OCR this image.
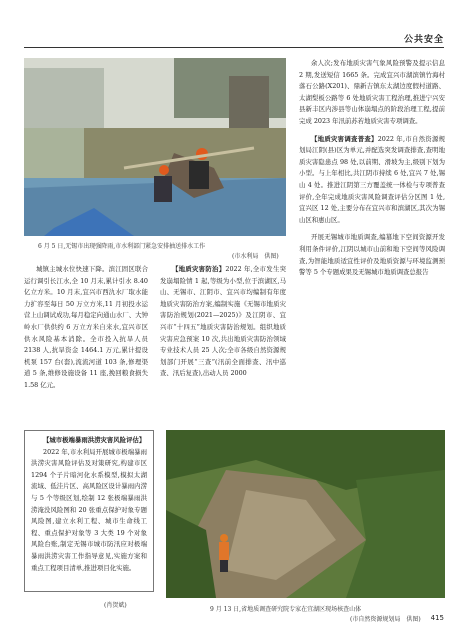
公共安全
6 月 5 日,无锡市出现强降雨,市水利部门紧急安排抽送排水工作
(市水利局　供图)

城镇主城水位快速下降。滨江固区联合运行调引长江水,全 10 月末,累计引水 8.40 亿立方米。10 月末,宜兴市西氿水厂取水能力扩容至每日 50 万立方米,11 月初投水运营上山调试成功,每月稳定向通山水厂、大钟岭水厂供供约 6 万立方米自来水,宜兴市区供水风险基本消除。全市投入抗旱人员 2138 人,抗旱资金 1464.1 万元,累计提设机泵 157 台(套),流流河道 103 条,修理渠道 5 条,维修设施设备 11 座,挽回粮食损失 1.58 亿元。

【地质灾害防治】2022 年,全市发生突发崩塌险情 1 起,等级为小型,位于滨湖区,马山、无锡市、江阴市、宜兴市均编制有年度地质灾害防治方案,编制实施《无锡市地质灾害防治规划(2021—2025)》及江阴市、宜兴市“十四五”地质灾害防治规划。组织地质灾害应急预案 10 次,共出地质灾害防治领域专业技术人员 25 人次;全市各级自然资源规划部门开展“三查”(汛前全面排查、汛中巡查、汛后复查),出动人员 2000

余人次;发布地质灾害气象风险预警及提示信息 2 期,发送短信 1665 条。完成宜兴市湖滨镇竹海村落石公路(X201)、鼎新吉镇东太湖边度假村道路、太湖梨板公路等 6 处地质灾害工程治理,推进宁兴安县新丰区内涉县等山体崩塌点的阶段治理工程,提前完成 2023 年汛前苏若地质灾害专项调查。

【地质灾害调查普查】2022 年,市自然资源规划局江阴(县)区为单元,并配选突发调查排查,查明地质灾害隐患点 98 处,以前期、滑坡为主,级别下划为小型。与上年相比,共江阴市持续 6 处,宜兴 7 处,锡山 4 处。推进江阴第三方覆盖统一体检与专项普查评价,全年完成地质灾害风险调查评估分区图 1 处,宜兴区 12 处,主要分布在宜兴市和滨湖区,其次为锡山区和惠山区。

开展无锡城市地质调查,编纂地下空间资源开发利用条件评价,江阴以城市山前和地下空间等风险调查,为智能地质适宜性评价及地质资源与环境监测预警等 5 个专题成果及无锡城市地质调查总报告

【城市极端暴雨洪涝灾害风险评估】

2022 年,市水利局开展城市极端暴雨洪涝灾害风险评估及对策研究,构建市区 1294 个子片暗河化水系模型,模拟太湖流域、低洼片区、高风险区设计暴雨内涝与 5 个等级区划,绘制 12 张极端暴雨洪涝淹没风险图和 20 张重点保护对象专题风险图,建立水利工程、城市生命线工程、重点保护对象等 3 大类 19 个对象风险台账,制定无锡市城市防汛应对极端暴雨洪涝灾害工作指导意见,实施方案和重点工程项目清单,推进项目化实施。

(肖贺斌)
9 月 13 日,省地质调查研究院专家在宜湖区现场核查山体
(市自然资源规划局　供图) 415
